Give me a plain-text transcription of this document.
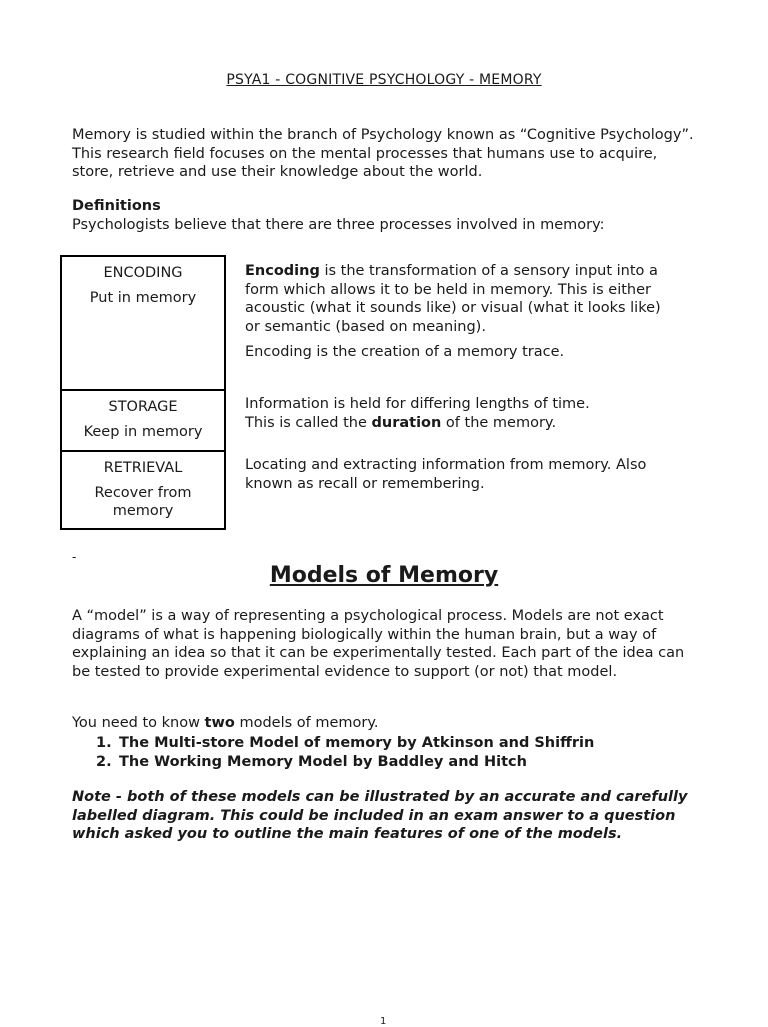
PSYA1 - COGNITIVE PSYCHOLOGY - MEMORY
Memory is studied within the branch of Psychology known as “Cognitive Psychology”. This research field focuses on the mental processes that humans use to acquire, store, retrieve and use their knowledge about the world.
Definitions
Psychologists believe that there are three processes involved in memory:
ENCODING
Put in memory
STORAGE
Keep in memory
RETRIEVAL
Recover from memory

Encoding is the transformation of a sensory input into a form which allows it to be held in memory. This is either acoustic (what it sounds like) or visual (what it looks like) or semantic (based on meaning).

Encoding is the creation of a memory trace.

Information is held for differing lengths of time.
This is called the duration of the memory.
Locating and extracting information from memory. Also known as recall or remembering.
-
Models of Memory
A “model” is a way of representing a psychological process. Models are not exact diagrams of what is happening biologically within the human brain, but a way of explaining an idea so that it can be experimentally tested. Each part of the idea can be tested to provide experimental evidence to support (or not) that model.
You need to know two models of memory.
1. The Multi-store Model of memory by Atkinson and Shiffrin
2. The Working Memory Model by Baddley and Hitch
Note - both of these models can be illustrated by an accurate and carefully labelled diagram. This could be included in an exam answer to a question which asked you to outline the main features of one of the models.
1
